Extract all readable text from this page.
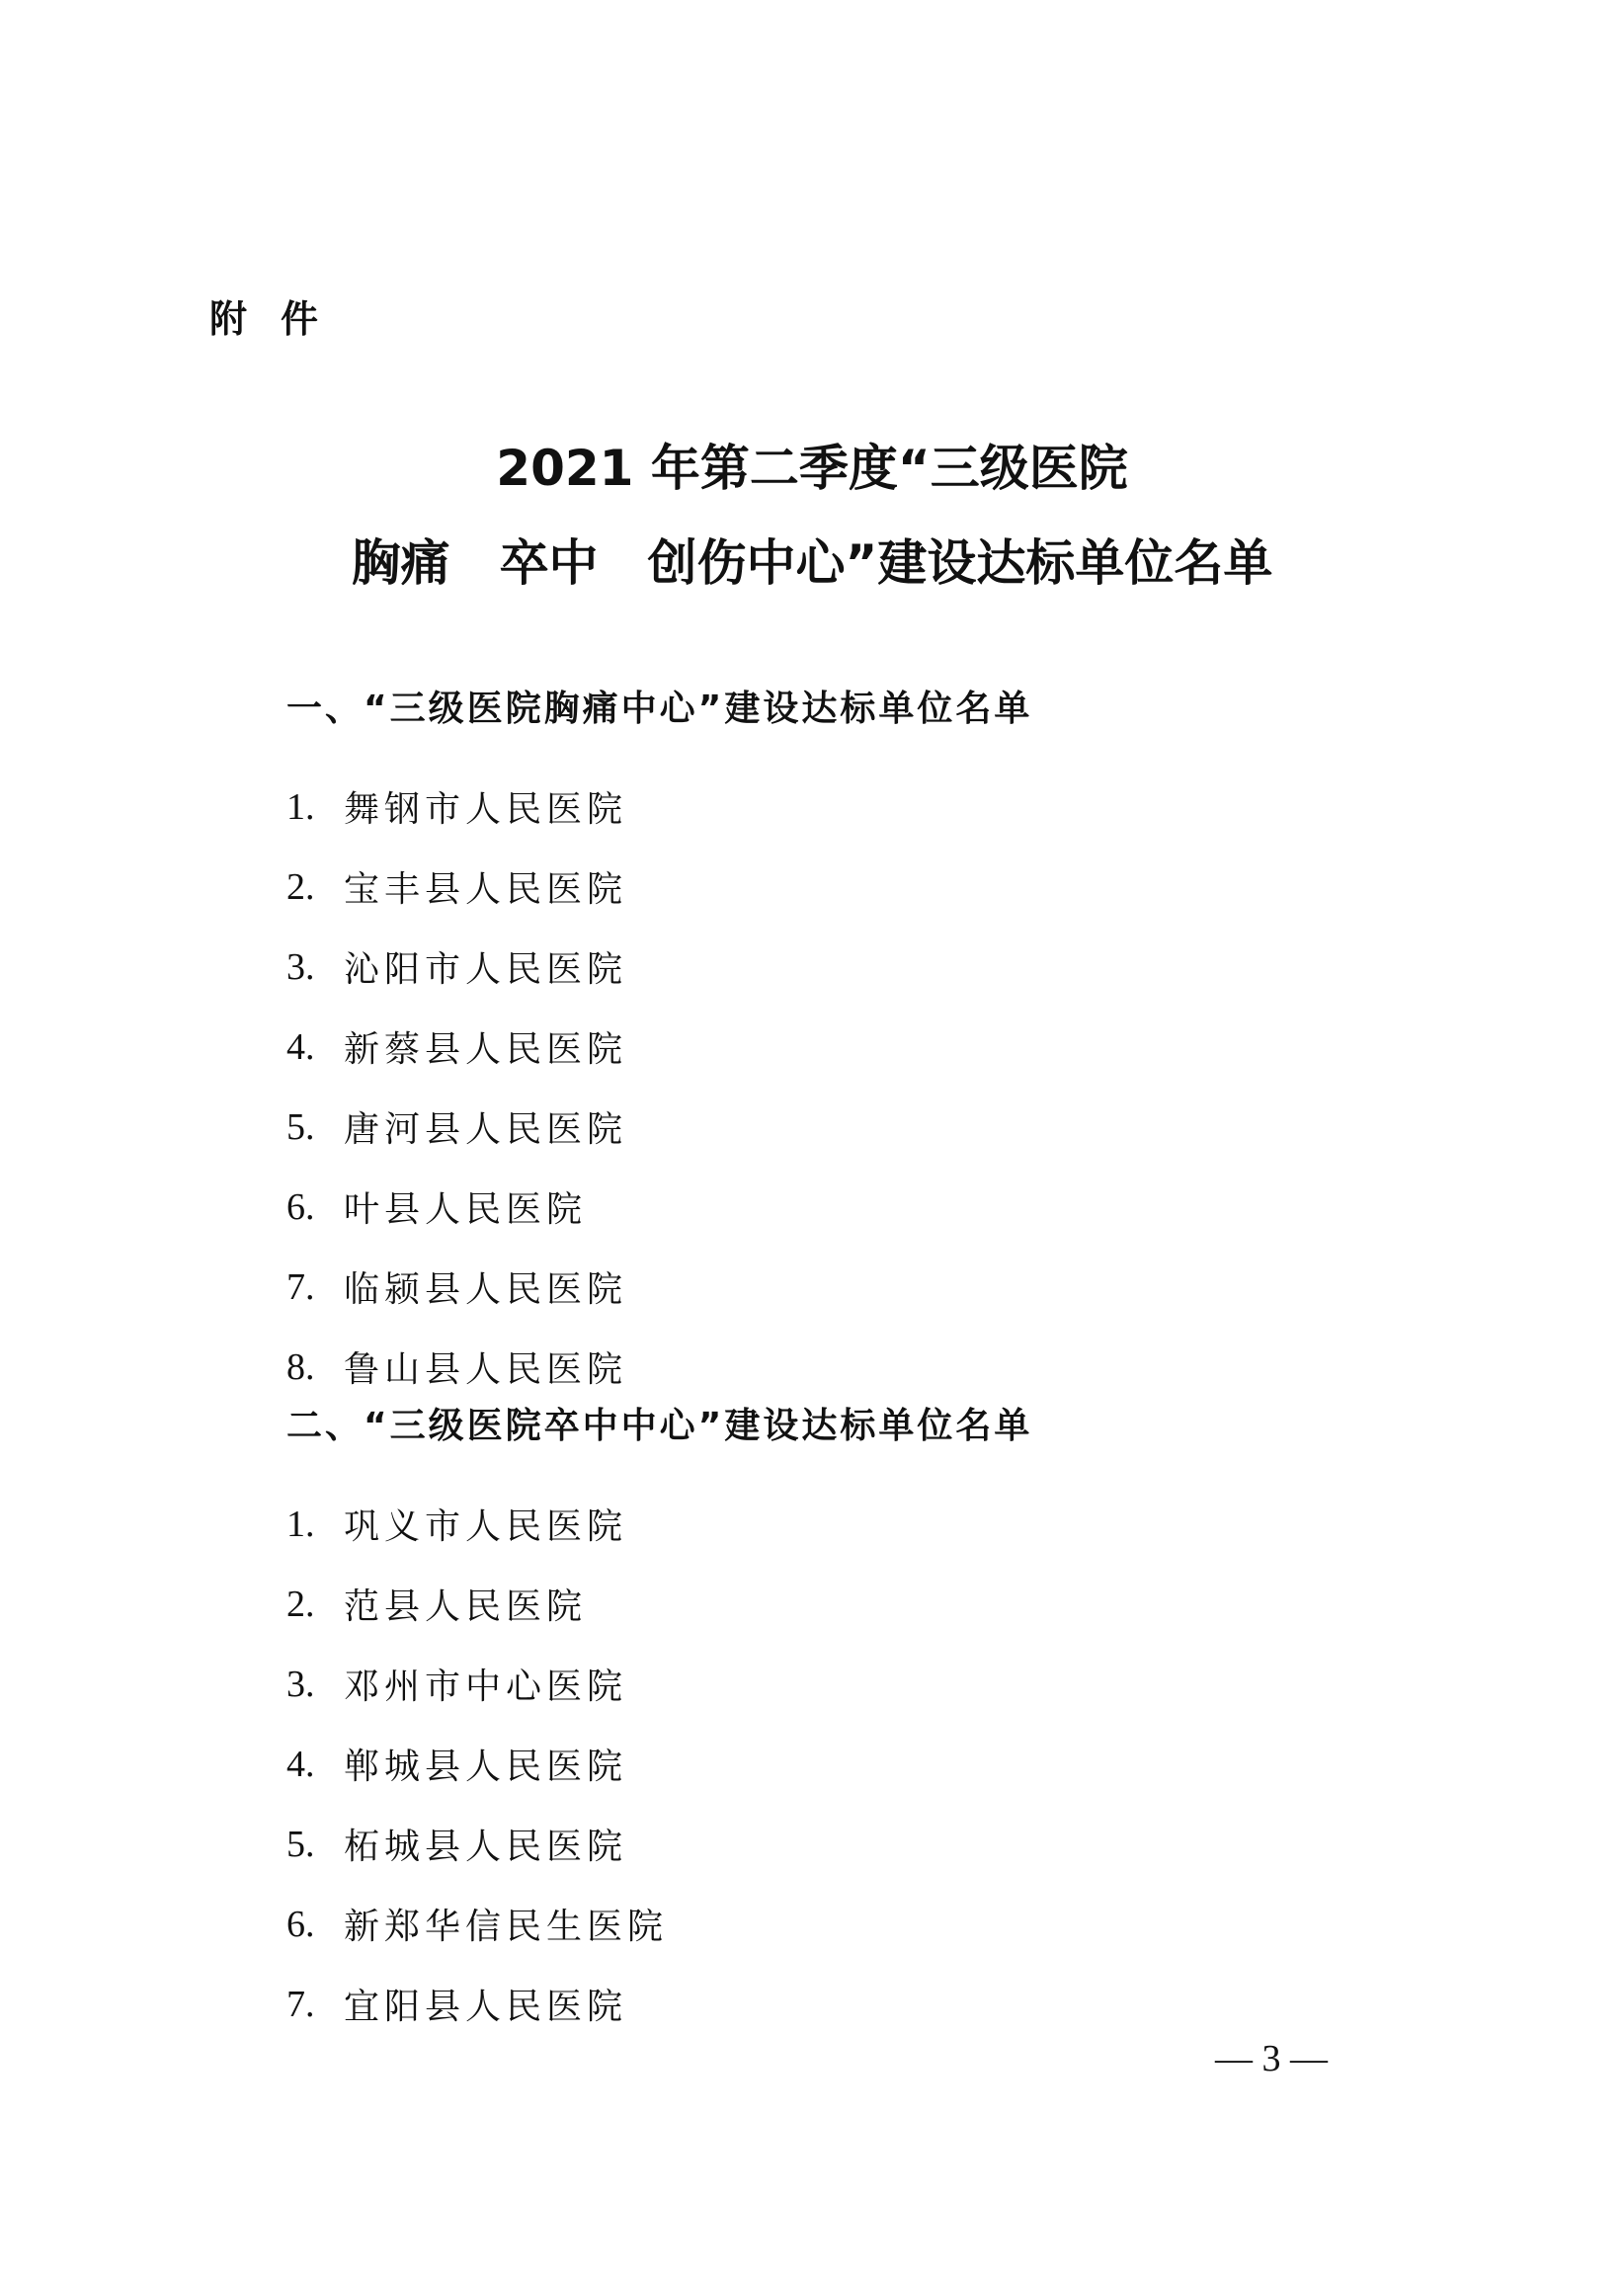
附件
2021 年第二季度“三级医院
胸痛　卒中　创伤中心”建设达标单位名单
一、“三级医院胸痛中心”建设达标单位名单
1. 舞钢市人民医院
2. 宝丰县人民医院
3. 沁阳市人民医院
4. 新蔡县人民医院
5. 唐河县人民医院
6. 叶县人民医院
7. 临颍县人民医院
8. 鲁山县人民医院
二、“三级医院卒中中心”建设达标单位名单
1. 巩义市人民医院
2. 范县人民医院
3. 邓州市中心医院
4. 郸城县人民医院
5. 柘城县人民医院
6. 新郑华信民生医院
7. 宜阳县人民医院
— 3 —
